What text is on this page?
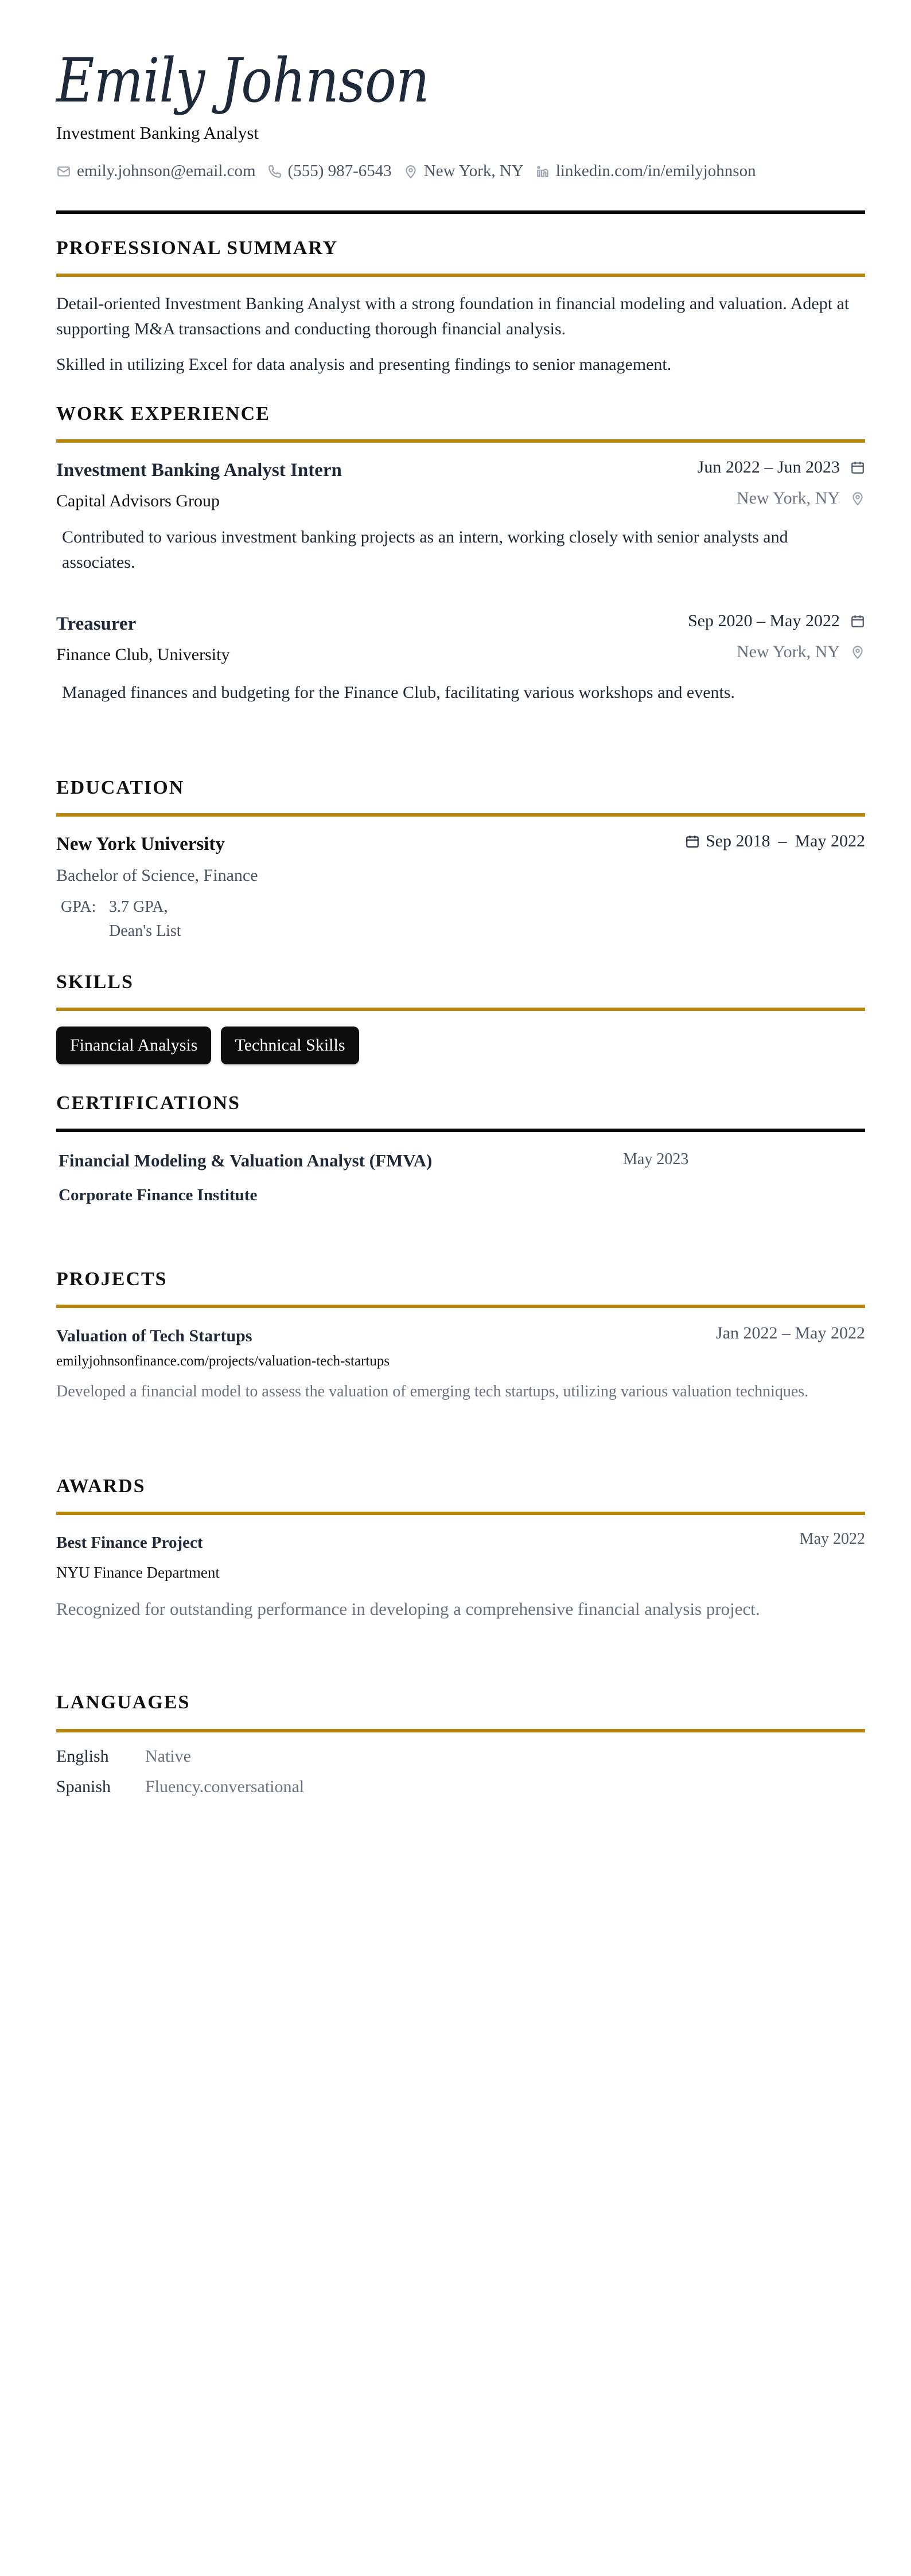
Emily Johnson
Investment Banking Analyst
emily.johnson@email.com (555) 987-6543 New York, NY linkedin.com/in/emilyjohnson
PROFESSIONAL SUMMARY
Detail-oriented Investment Banking Analyst with a strong foundation in financial modeling and valuation. Adept at supporting M&A transactions and conducting thorough financial analysis.
Skilled in utilizing Excel for data analysis and presenting findings to senior management.
WORK EXPERIENCE
Investment Banking Analyst Intern	Jun 2022 – Jun 2023
Capital Advisors Group	New York, NY
Contributed to various investment banking projects as an intern, working closely with senior analysts and associates.
Treasurer	Sep 2020 – May 2022
Finance Club, University	New York, NY
Managed finances and budgeting for the Finance Club, facilitating various workshops and events.
EDUCATION
New York University	Sep 2018 – May 2022
Bachelor of Science, Finance
GPA: 3.7 GPA,
Dean's List
SKILLS
Financial Analysis	Technical Skills
CERTIFICATIONS
Financial Modeling & Valuation Analyst (FMVA)	May 2023
Corporate Finance Institute
PROJECTS
Valuation of Tech Startups	Jan 2022 – May 2022
emilyjohnsonfinance.com/projects/valuation-tech-startups
Developed a financial model to assess the valuation of emerging tech startups, utilizing various valuation techniques.
AWARDS
Best Finance Project	May 2022
NYU Finance Department
Recognized for outstanding performance in developing a comprehensive financial analysis project.
LANGUAGES
English	Native
Spanish	Fluency.conversational
